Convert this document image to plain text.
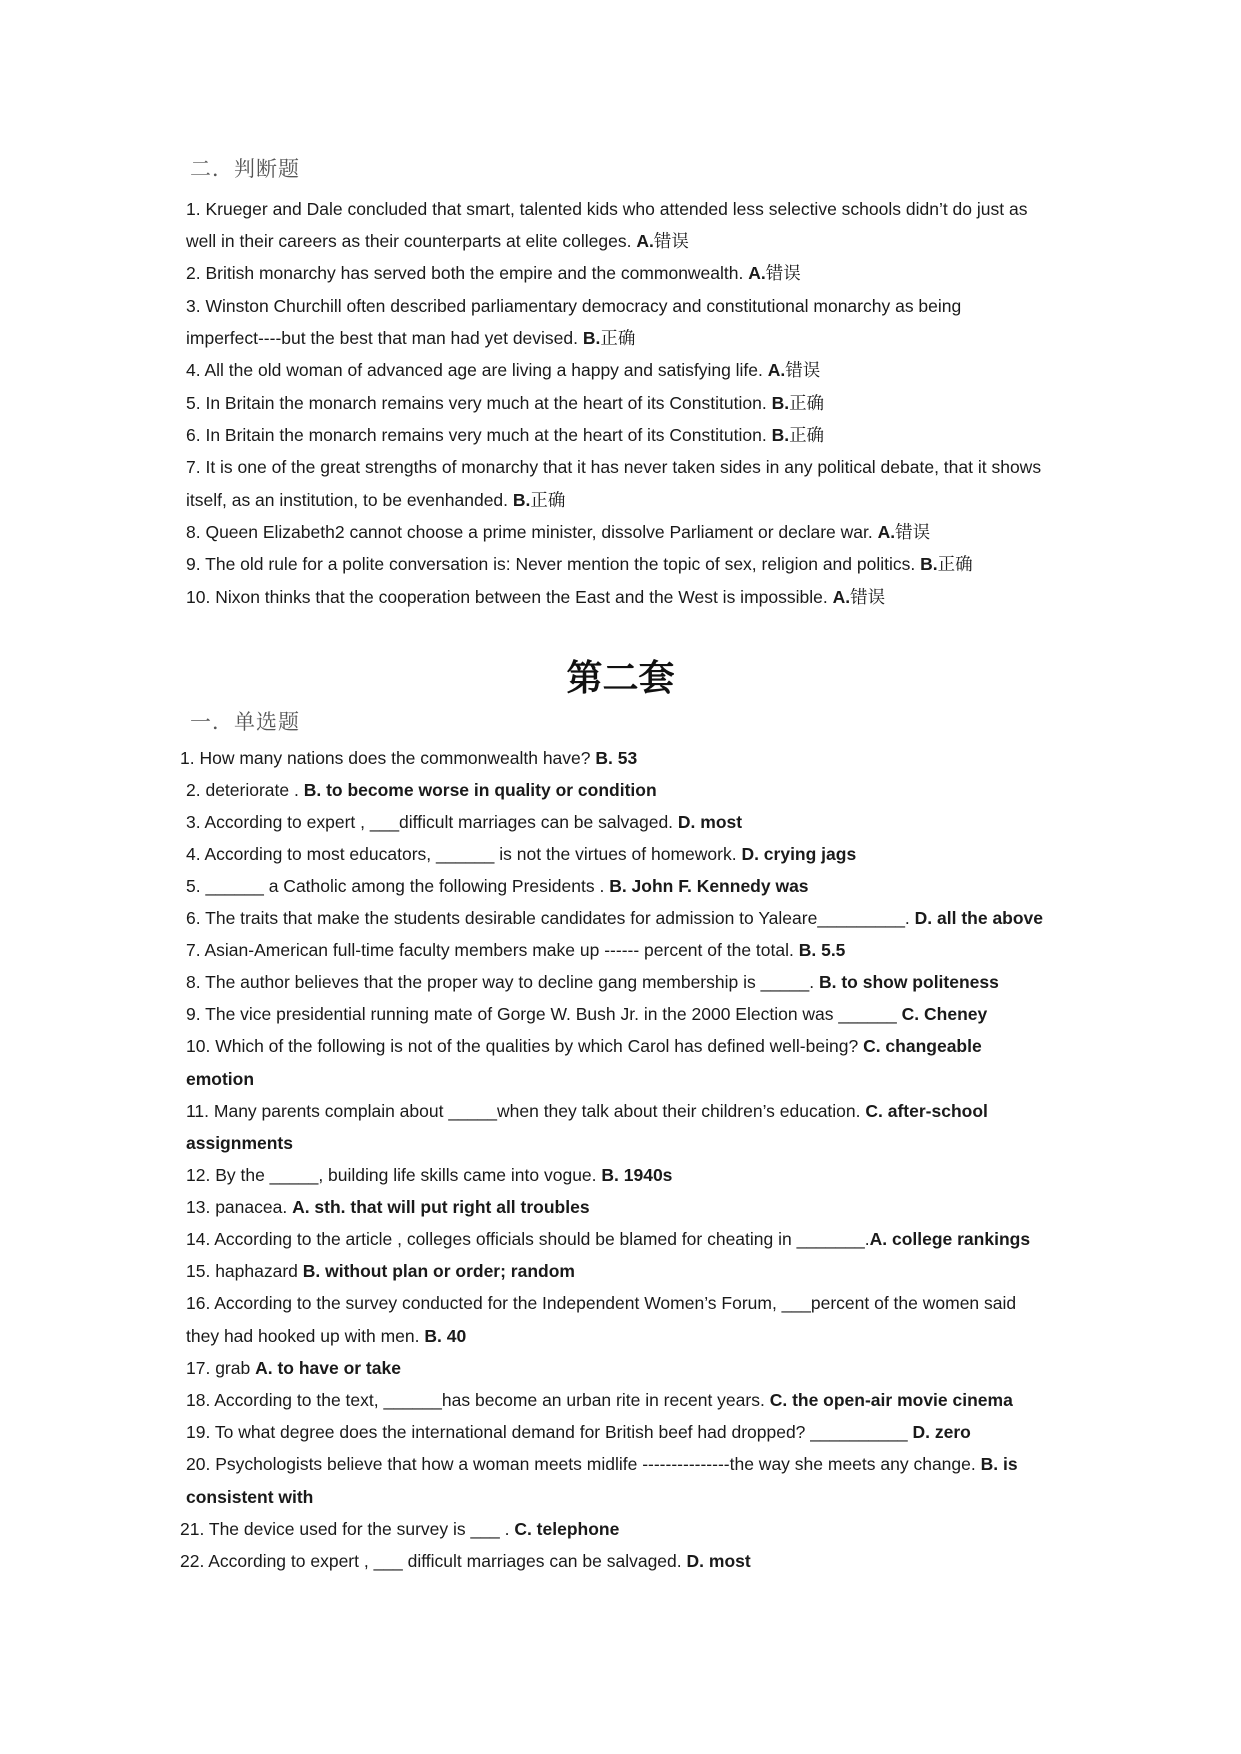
二．判断题
1. Krueger and Dale concluded that smart, talented kids who attended less selective schools didn’t do just as
well in their careers as their counterparts at elite colleges. A.错误
2. British monarchy has served both the empire and the commonwealth. A.错误
3. Winston Churchill often described parliamentary democracy and constitutional monarchy as being
imperfect----but the best that man had yet devised. B.正确
4. All the old woman of advanced age are living a happy and satisfying life. A.错误
5. In Britain the monarch remains very much at the heart of its Constitution. B.正确
6. In Britain the monarch remains very much at the heart of its Constitution. B.正确
7. It is one of the great strengths of monarchy that it has never taken sides in any political debate, that it shows
itself, as an institution, to be evenhanded. B.正确
8. Queen Elizabeth2 cannot choose a prime minister, dissolve Parliament or declare war. A.错误
9. The old rule for a polite conversation is: Never mention the topic of sex, religion and politics. B.正确
10. Nixon thinks that the cooperation between the East and the West is impossible. A.错误
第二套
一．单选题
1. How many nations does the commonwealth have? B. 53
2. deteriorate . B. to become worse in quality or condition
3. According to expert , ___difficult marriages can be salvaged. D. most
4. According to most educators, ______ is not the virtues of homework. D. crying jags
5. ______ a Catholic among the following Presidents . B. John F. Kennedy was
6. The traits that make the students desirable candidates for admission to Yaleare_________. D. all the above
7. Asian-American full-time faculty members make up ------ percent of the total. B. 5.5
8. The author believes that the proper way to decline gang membership is _____. B. to show politeness
9. The vice presidential running mate of Gorge W. Bush Jr. in the 2000 Election was ______ C. Cheney
10. Which of the following is not of the qualities by which Carol has defined well-being? C. changeable
emotion
11. Many parents complain about _____when they talk about their children’s education. C. after-school
assignments
12. By the _____, building life skills came into vogue. B. 1940s
13. panacea. A. sth. that will put right all troubles
14. According to the article , colleges officials should be blamed for cheating in _______.A. college rankings
15. haphazard B. without plan or order; random
16. According to the survey conducted for the Independent Women’s Forum, ___percent of the women said
they had hooked up with men. B. 40
17. grab A. to have or take
18. According to the text, ______has become an urban rite in recent years. C. the open-air movie cinema
19. To what degree does the international demand for British beef had dropped? __________ D. zero
20. Psychologists believe that how a woman meets midlife ---------------the way she meets any change. B. is
consistent with
21. The device used for the survey is ___ . C. telephone
22. According to expert , ___ difficult marriages can be salvaged. D. most
